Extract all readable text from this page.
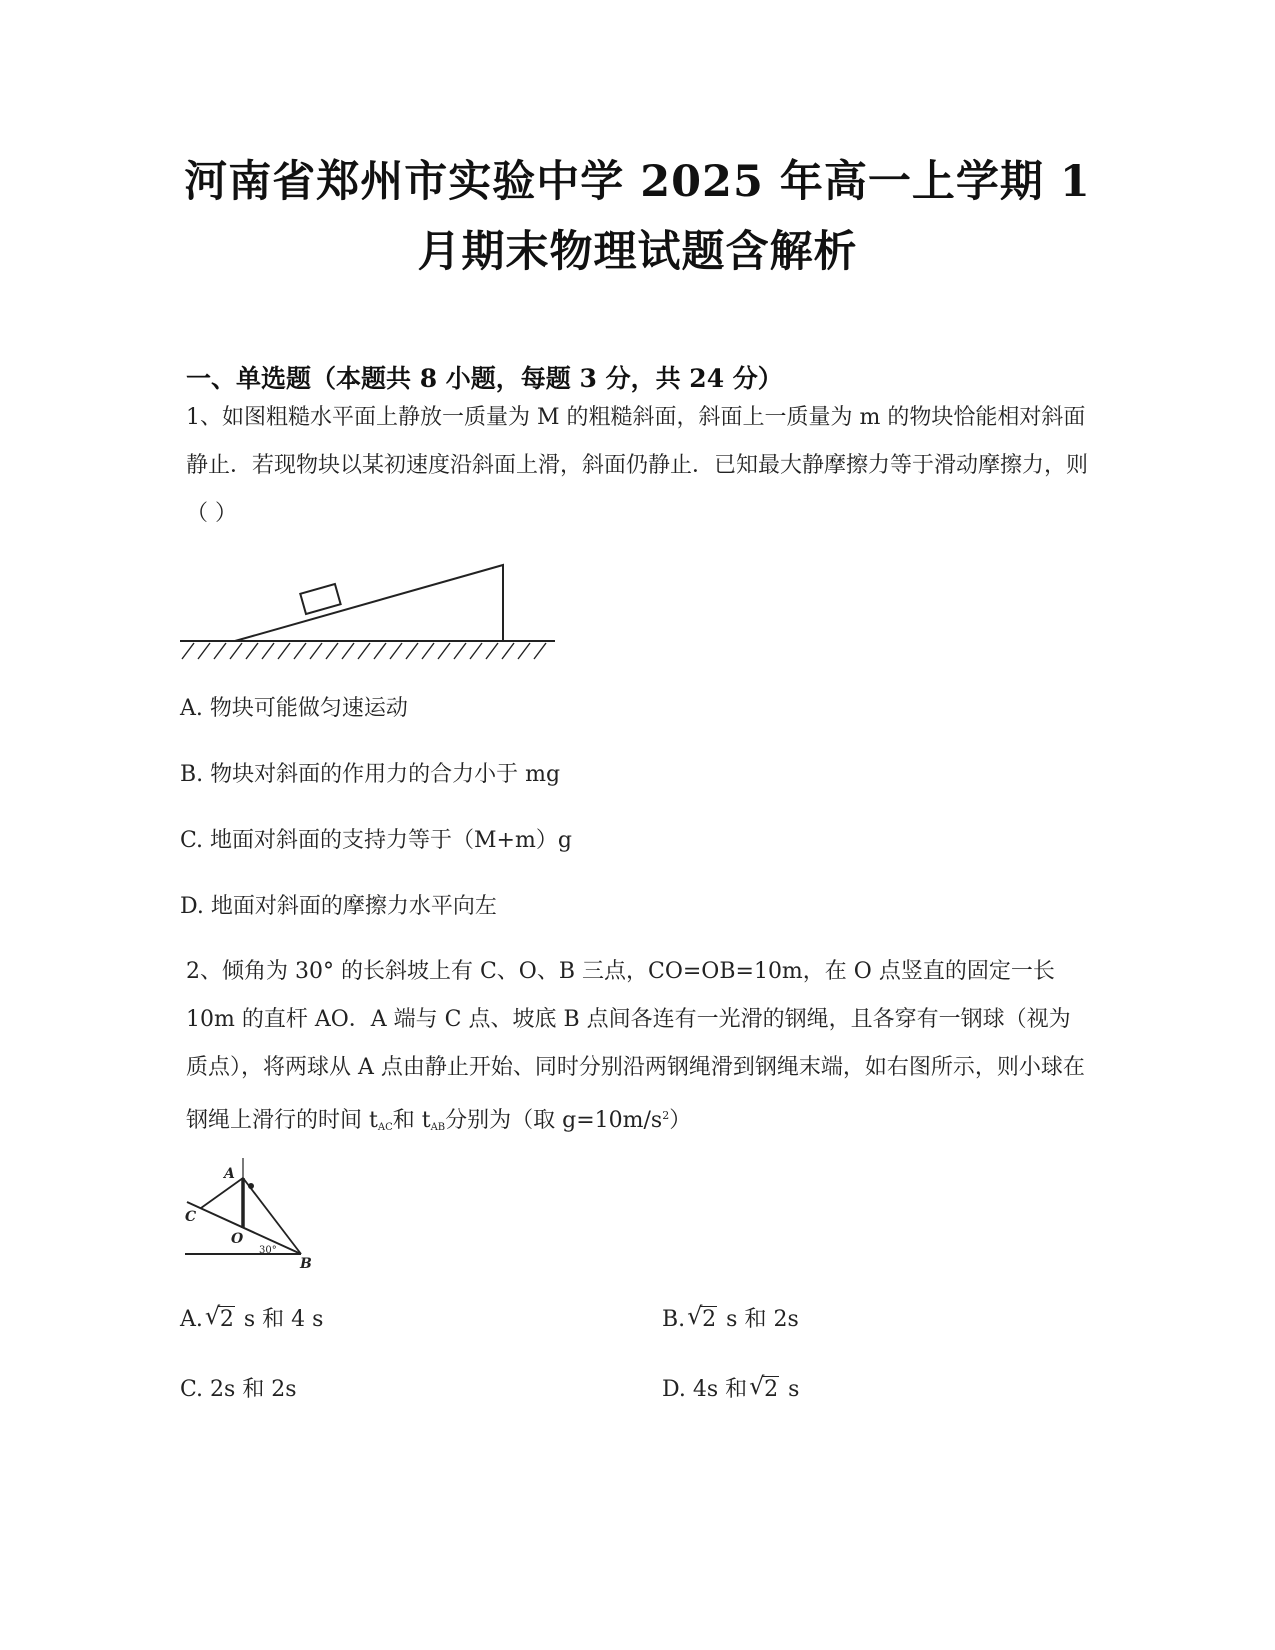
河南省郑州市实验中学 2025 年高一上学期 1
月期末物理试题含解析
一、单选题（本题共 8 小题，每题 3 分，共 24 分）
1、如图粗糙水平面上静放一质量为 M 的粗糙斜面，斜面上一质量为 m 的物块恰能相对斜面静止．若现物块以某初速度沿斜面上滑，斜面仍静止．已知最大静摩擦力等于滑动摩擦力，则（ ）
A. 物块可能做匀速运动
B. 物块对斜面的作用力的合力小于 mg
C. 地面对斜面的支持力等于（M+m）g
D. 地面对斜面的摩擦力水平向左
2、倾角为 30° 的长斜坡上有 C、O、B 三点，CO=OB=10m，在 O 点竖直的固定一长 10m 的直杆 AO．A 端与 C 点、坡底 B 点间各连有一光滑的钢绳，且各穿有一钢球（视为质点），将两球从 A 点由静止开始、同时分别沿两钢绳滑到钢绳末端，如右图所示，则小球在钢绳上滑行的时间 $t_{AC}$和 $t_{AB}$分别为（取 $g=10m/s^2$）
A
C
O
B
30°
A. √ 2 s 和 4 s	B. √ 2 s 和 2s
C. 2s 和 2s	D. 4s 和 √ 2 s
